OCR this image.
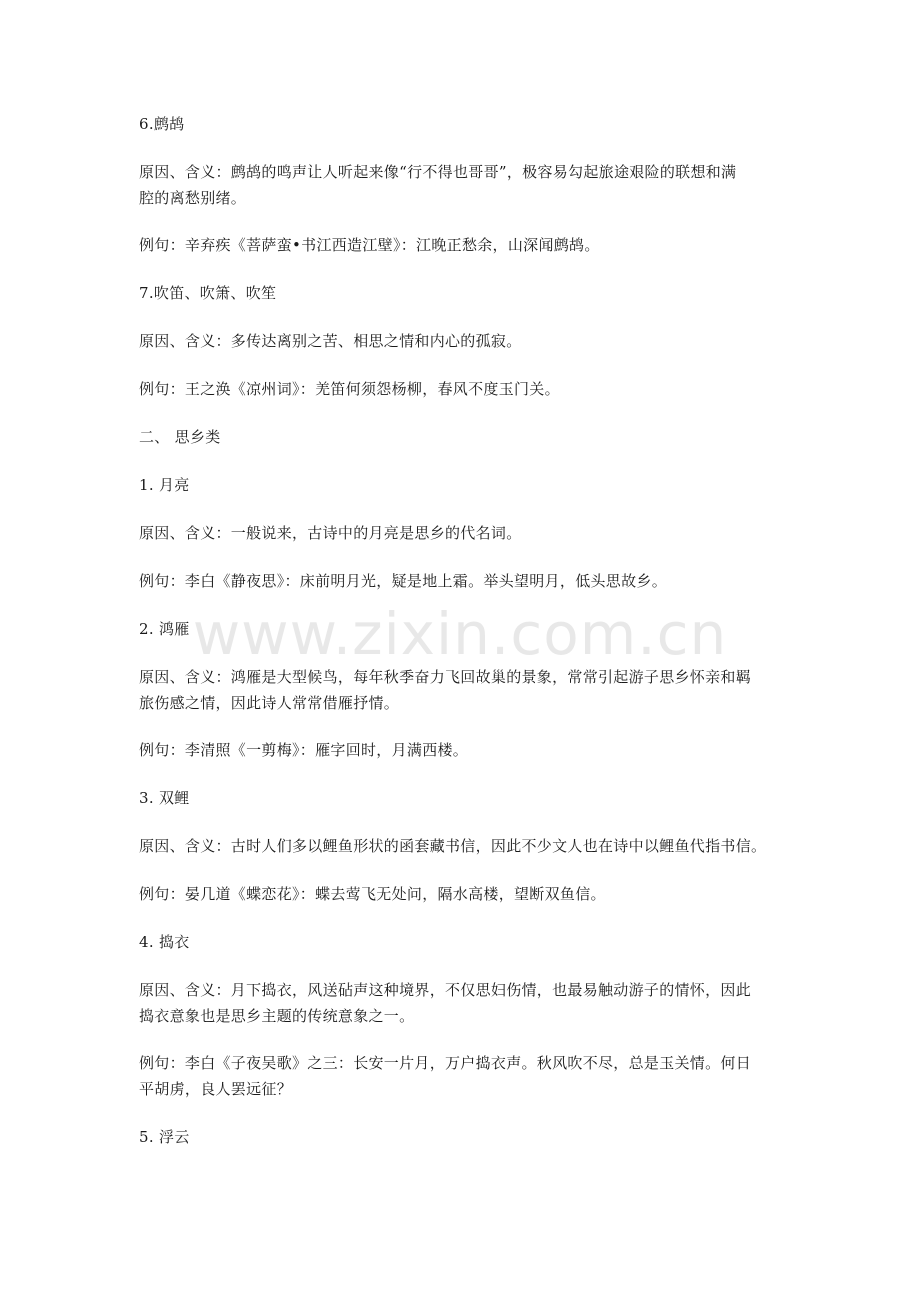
6.鹧鸪
原因、含义：鹧鸪的鸣声让人听起来像“行不得也哥哥”，极容易勾起旅途艰险的联想和满
腔的离愁别绪。
例句：辛弃疾《菩萨蛮•书江西造江壁》：江晚正愁余，山深闻鹧鸪。
7.吹笛、吹箫、吹笙
原因、含义：多传达离别之苦、相思之情和内心的孤寂。
例句：王之涣《凉州词》：羌笛何须怨杨柳，春风不度玉门关。
二、 思乡类
1. 月亮
原因、含义：一般说来，古诗中的月亮是思乡的代名词。
例句：李白《静夜思》：床前明月光，疑是地上霜。举头望明月，低头思故乡。
2. 鸿雁
原因、含义：鸿雁是大型候鸟，每年秋季奋力飞回故巢的景象，常常引起游子思乡怀亲和羁
旅伤感之情，因此诗人常常借雁抒情。
例句：李清照《一剪梅》：雁字回时，月满西楼。
3. 双鲤
原因、含义：古时人们多以鲤鱼形状的函套藏书信，因此不少文人也在诗中以鲤鱼代指书信。
例句：晏几道《蝶恋花》：蝶去莺飞无处问，隔水高楼，望断双鱼信。
4. 捣衣
原因、含义：月下捣衣，风送砧声这种境界，不仅思妇伤情，也最易触动游子的情怀，因此
捣衣意象也是思乡主题的传统意象之一。
例句：李白《子夜吴歌》之三：长安一片月，万户捣衣声。秋风吹不尽，总是玉关情。何日
平胡虏，良人罢远征？
5. 浮云
www.zixin.com.cn
